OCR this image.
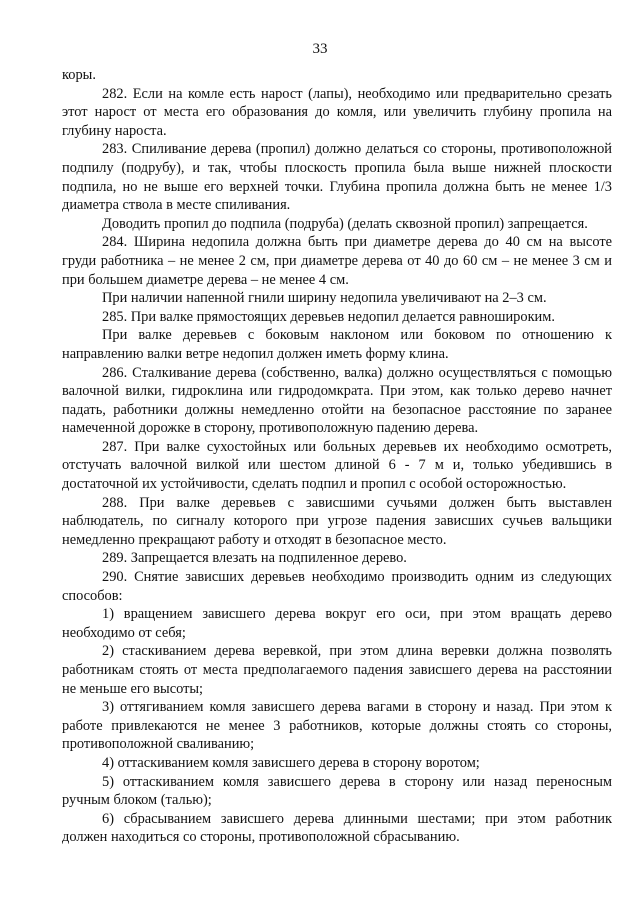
33

коры.

282. Если на комле есть нарост (лапы), необходимо или предварительно срезать этот нарост от места его образования до комля, или увеличить глубину пропила на глубину нароста.

283. Спиливание дерева (пропил) должно делаться со стороны, противоположной подпилу (подрубу), и так, чтобы плоскость пропила была выше нижней плоскости подпила, но не выше его верхней точки. Глубина пропила должна быть не менее 1/3 диаметра ствола в месте спиливания.

Доводить пропил до подпила (подруба) (делать сквозной пропил) запрещается.

284. Ширина недопила должна быть при диаметре дерева до 40 см на высоте груди работника – не менее 2 см, при диаметре дерева от 40 до 60 см – не менее 3 см и при большем диаметре дерева – не менее 4 см.

При наличии напенной гнили ширину недопила увеличивают на 2–3 см.

285. При валке прямостоящих деревьев недопил делается равношироким.

При валке деревьев с боковым наклоном или боковом по отношению к направлению валки ветре недопил должен иметь форму клина.

286. Сталкивание дерева (собственно, валка) должно осуществляться с помощью валочной вилки, гидроклина или гидродомкрата. При этом, как только дерево начнет падать, работники должны немедленно отойти на безопасное расстояние по заранее намеченной дорожке в сторону, противоположную падению дерева.

287. При валке сухостойных или больных деревьев их необходимо осмотреть, отстучать валочной вилкой или шестом длиной 6 - 7 м и, только убедившись в достаточной их устойчивости, сделать подпил и пропил с особой осторожностью.

288. При валке деревьев с зависшими сучьями должен быть выставлен наблюдатель, по сигналу которого при угрозе падения зависших сучьев вальщики немедленно прекращают работу и отходят в безопасное место.

289. Запрещается влезать на подпиленное дерево.

290. Снятие зависших деревьев необходимо производить одним из следующих способов:

1) вращением зависшего дерева вокруг его оси, при этом вращать дерево необходимо от себя;

2) стаскиванием дерева веревкой, при этом длина веревки должна позволять работникам стоять от места предполагаемого падения зависшего дерева на расстоянии не меньше его высоты;

3) оттягиванием комля зависшего дерева вагами в сторону и назад. При этом к работе привлекаются не менее 3 работников, которые должны стоять со стороны, противоположной сваливанию;

4) оттаскиванием комля зависшего дерева в сторону воротом;

5) оттаскиванием комля зависшего дерева в сторону или назад переносным ручным блоком (талью);

6) сбрасыванием зависшего дерева длинными шестами; при этом работник должен находиться со стороны, противоположной сбрасыванию.
